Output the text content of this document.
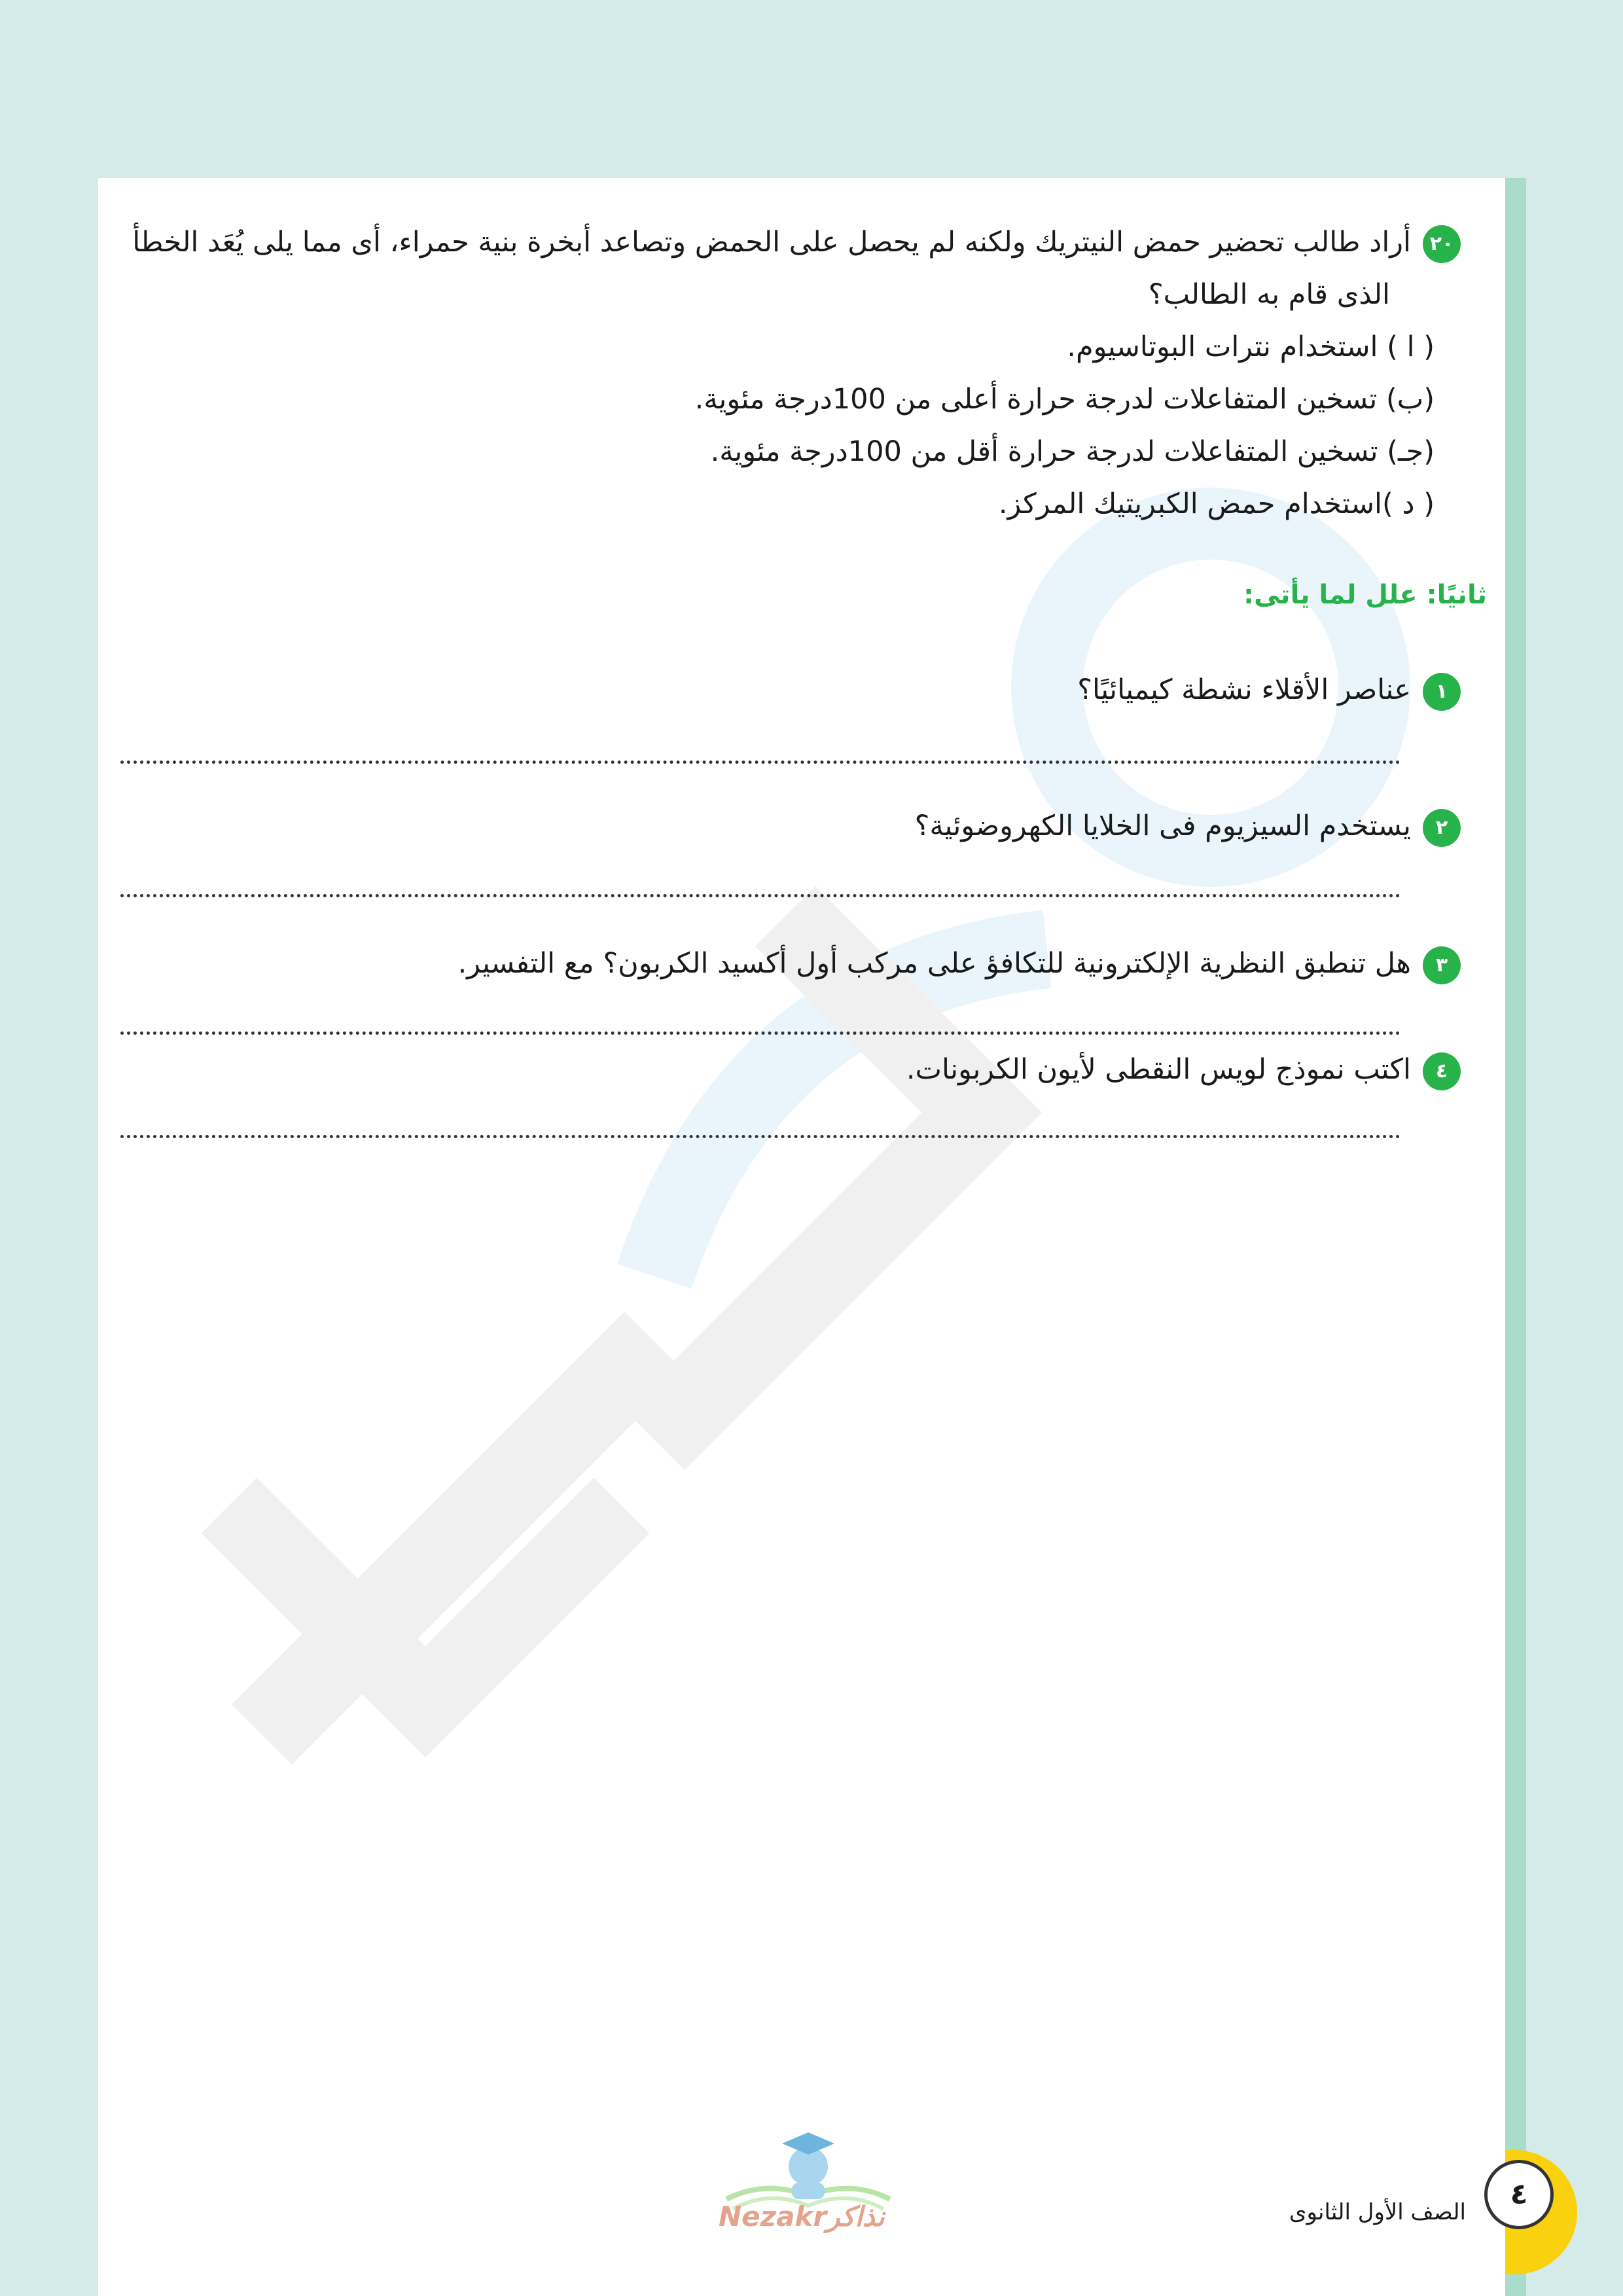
٢٠أراد طالب تحضير حمض النيتريك ولكنه لم يحصل على الحمض وتصاعد أبخرة بنية حمراء، أى مما يلى يُعَد الخطأ
الذى قام به الطالب؟
( ا ) استخدام نترات البوتاسيوم.
(ب) تسخين المتفاعلات لدرجة حرارة أعلى من 100درجة مئوية.
(جـ) تسخين المتفاعلات لدرجة حرارة أقل من 100درجة مئوية.
( د )استخدام حمض الكبريتيك المركز.
ثانيًا: علل لما يأتى:
١عناصر الأقلاء نشطة كيميائيًا؟
٢يستخدم السيزيوم فى الخلايا الكهروضوئية؟
٣هل تنطبق النظرية الإلكترونية للتكافؤ على مركب أول أكسيد الكربون؟ مع التفسير.
٤اكتب نموذج لويس النقطى لأيون الكربونات.
Nezakrنذاكر
٤
الصف الأول الثانوى
